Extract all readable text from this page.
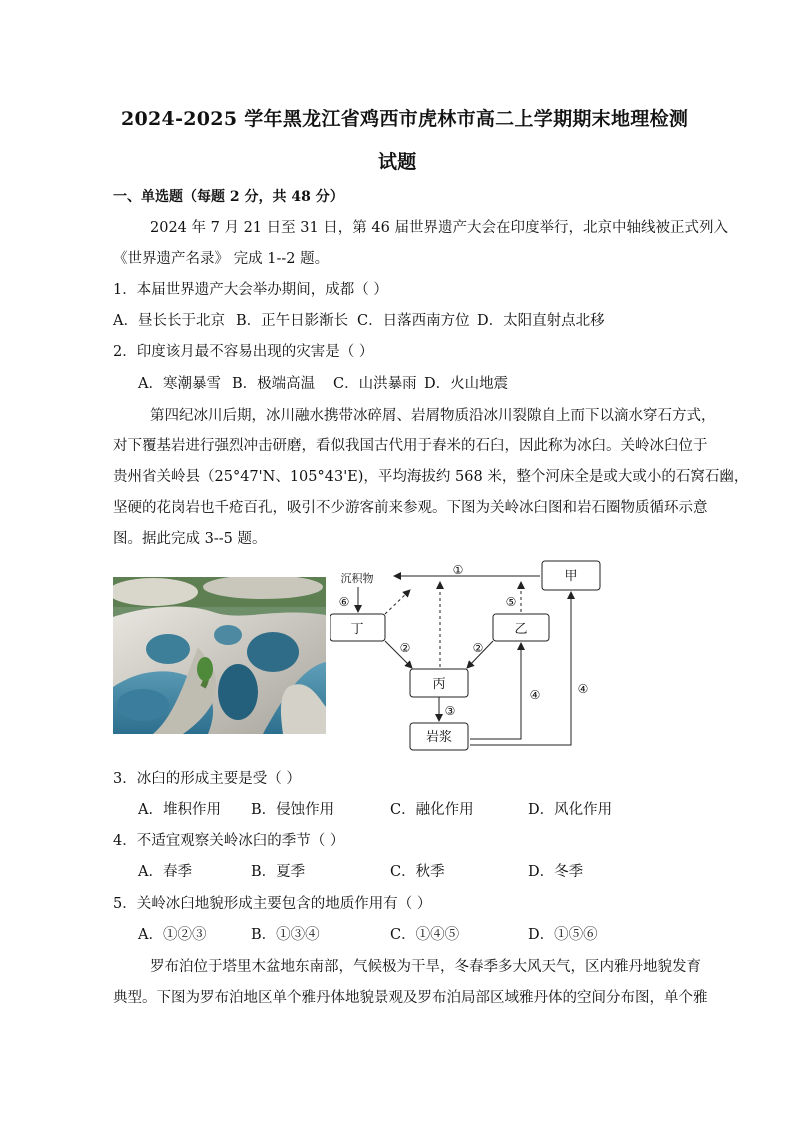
2024-2025 学年黑龙江省鸡西市虎林市高二上学期期末地理检测
试题
一、单选题（每题 2 分，共 48 分）
2024 年 7 月 21 日至 31 日，第 46 届世界遗产大会在印度举行，北京中轴线被正式列入
《世界遗产名录》 完成 1--2 题。
1．本届世界遗产大会举办期间，成都（ ）
A．昼长长于北京 B．正午日影渐长 C．日落西南方位 D．太阳直射点北移
2．印度该月最不容易出现的灾害是（ ）
A．寒潮暴雪 B．极端高温 C．山洪暴雨 D．火山地震
第四纪冰川后期，冰川融水携带冰碎屑、岩屑物质沿冰川裂隙自上而下以滴水穿石方式，
对下覆基岩进行强烈冲击研磨，看似我国古代用于舂米的石臼，因此称为冰臼。关岭冰臼位于
贵州省关岭县（25°47'N、105°43'E)，平均海拔约 568 米，整个河床全是或大或小的石窝石幽，
坚硬的花岗岩也千疮百孔，吸引不少游客前来参观。下图为关岭冰臼图和岩石圈物质循环示意
图。据此完成 3--5 题。
甲
丁	乙
丙
岩浆
沉积物
①
⑥	⑤
②	②
③
④	④
3．冰臼的形成主要是受（ ）
A．堆积作用 B．侵蚀作用	C．融化作用	D．风化作用
4．不适宜观察关岭冰臼的季节（ ）
A．春季	B．夏季	C．秋季	D．冬季
5．关岭冰臼地貌形成主要包含的地质作用有（ ）
A．①②③	B．①③④	C．①④⑤	D．①⑤⑥
罗布泊位于塔里木盆地东南部，气候极为干旱，冬春季多大风天气，区内雅丹地貌发育
典型。下图为罗布泊地区单个雅丹体地貌景观及罗布泊局部区域雅丹体的空间分布图，单个雅
